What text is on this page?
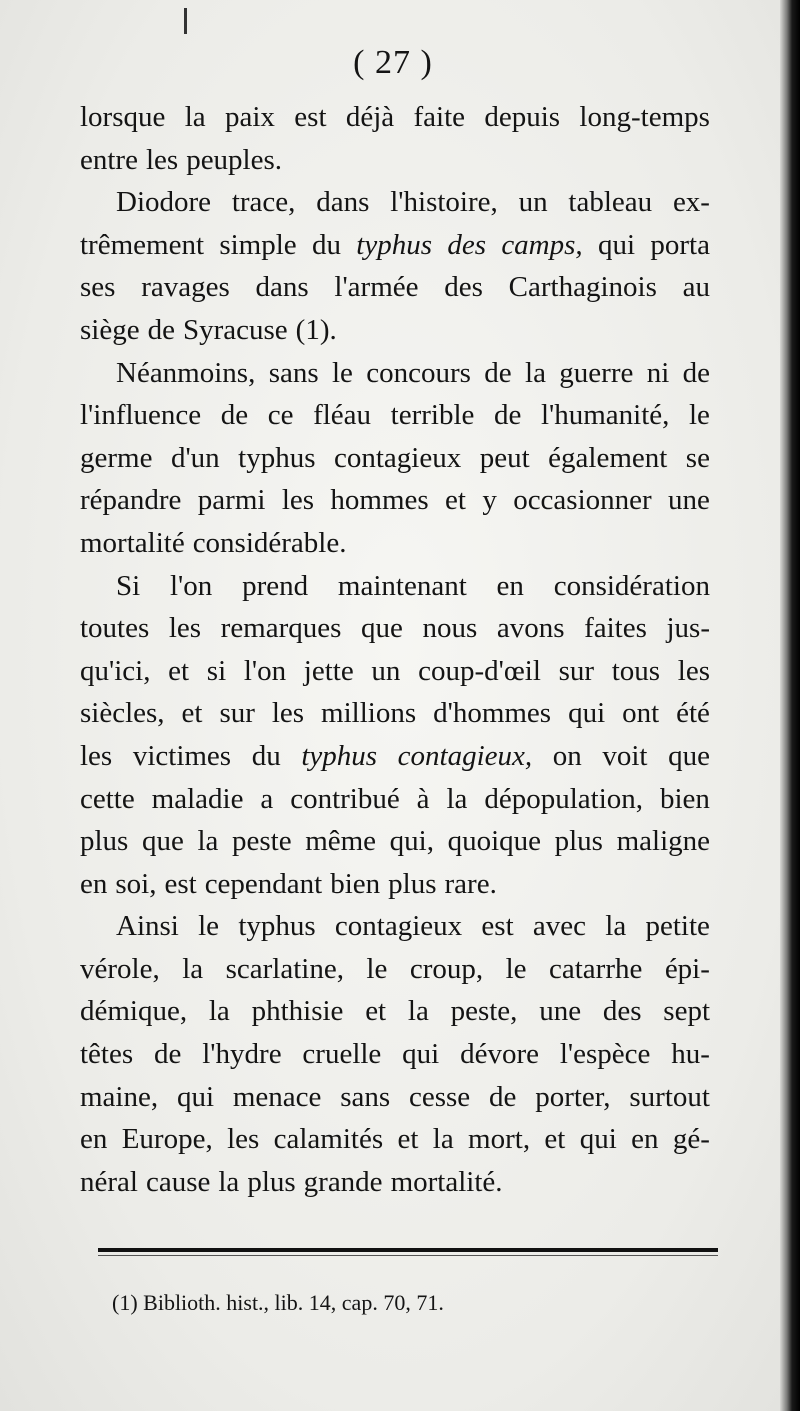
( 27 )
lorsque la paix est déjà faite depuis long-temps
entre les peuples.
Diodore trace, dans l'histoire, un tableau ex-
trêmement simple du typhus des camps, qui porta
ses ravages dans l'armée des Carthaginois au
siège de Syracuse (1).
Néanmoins, sans le concours de la guerre ni de
l'influence de ce fléau terrible de l'humanité, le
germe d'un typhus contagieux peut également se
répandre parmi les hommes et y occasionner une
mortalité considérable.
Si l'on prend maintenant en considération
toutes les remarques que nous avons faites jus-
qu'ici, et si l'on jette un coup-d'œil sur tous les
siècles, et sur les millions d'hommes qui ont été
les victimes du typhus contagieux, on voit que
cette maladie a contribué à la dépopulation, bien
plus que la peste même qui, quoique plus maligne
en soi, est cependant bien plus rare.
Ainsi le typhus contagieux est avec la petite
vérole, la scarlatine, le croup, le catarrhe épi-
démique, la phthisie et la peste, une des sept
têtes de l'hydre cruelle qui dévore l'espèce hu-
maine, qui menace sans cesse de porter, surtout
en Europe, les calamités et la mort, et qui en gé-
néral cause la plus grande mortalité.
(1) Biblioth. hist., lib. 14, cap. 70, 71.
